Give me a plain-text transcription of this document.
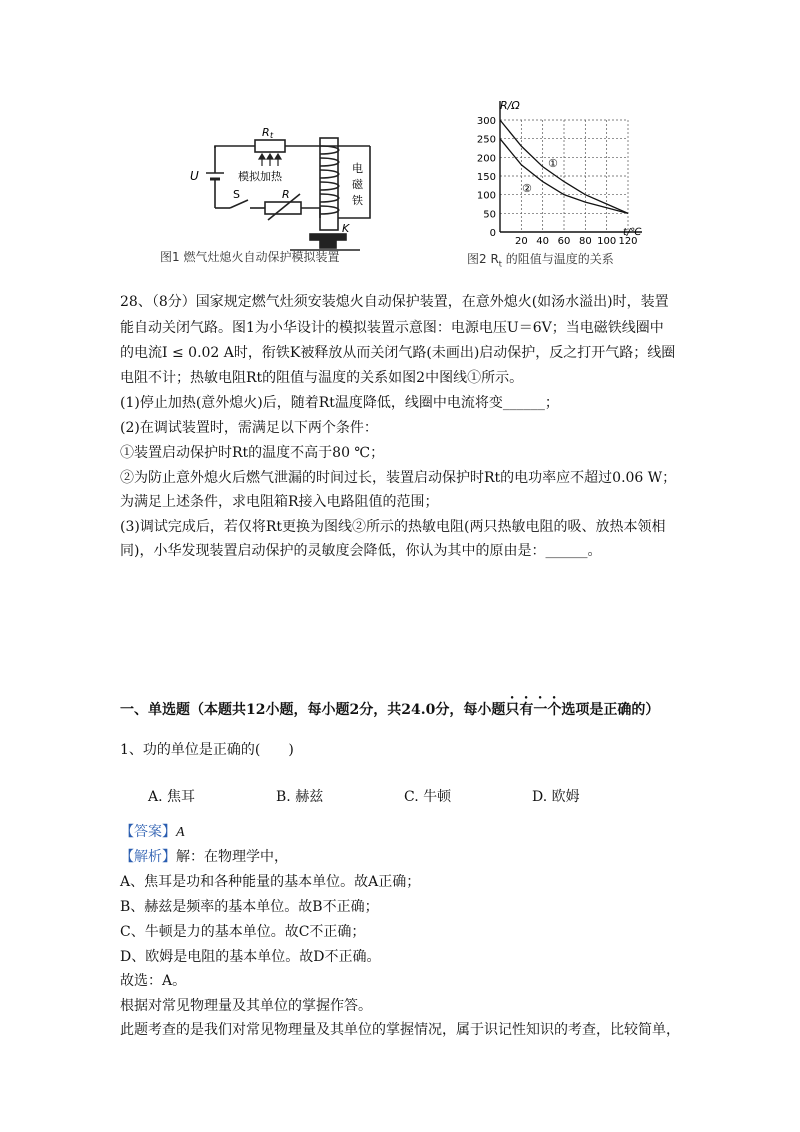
R t
模拟加热
U
S	R
电
磁
铁
K
图1 燃气灶熄火自动保护模拟装置
300
250
200
150
100
50
0
20 40 60 80 100 120
R/Ω
t/℃
①
②
图2 $R_t$ 的阻值与温度的关系
28、（8分）国家规定燃气灶须安装熄火自动保护装置，在意外熄火(如汤水溢出)时，装置
能自动关闭气路。图1为小华设计的模拟装置示意图：电源电压U＝6V；当电磁铁线圈中
的电流I ≤ 0.02 A时，衔铁K被释放从而关闭气路(未画出)启动保护，反之打开气路；线圈
电阻不计；热敏电阻Rt的阻值与温度的关系如图2中图线①所示。
(1)停止加热(意外熄火)后，随着Rt温度降低，线圈中电流将变______；
(2)在调试装置时，需满足以下两个条件：
①装置启动保护时Rt的温度不高于80 ℃；
②为防止意外熄火后燃气泄漏的时间过长，装置启动保护时Rt的电功率应不超过0.06 W；
为满足上述条件，求电阻箱R接入电路阻值的范围；
(3)调试完成后，若仅将Rt更换为图线②所示的热敏电阻(两只热敏电阻的吸、放热本领相
同)，小华发现装置启动保护的灵敏度会降低，你认为其中的原由是：______。
一、单选题（本题共12小题，每小题2分，共24.0分，每小题只有一个选项是正确的）
1、功的单位是正确的(　　)
A. 焦耳	B. 赫兹	C. 牛顿	D. 欧姆
【答案】A
【解析】解：在物理学中，
A、焦耳是功和各种能量的基本单位。故A正确；
B、赫兹是频率的基本单位。故B不正确；
C、牛顿是力的基本单位。故C不正确；
D、欧姆是电阻的基本单位。故D不正确。
故选：A。
根据对常见物理量及其单位的掌握作答。
此题考查的是我们对常见物理量及其单位的掌握情况，属于识记性知识的考查，比较简单，
